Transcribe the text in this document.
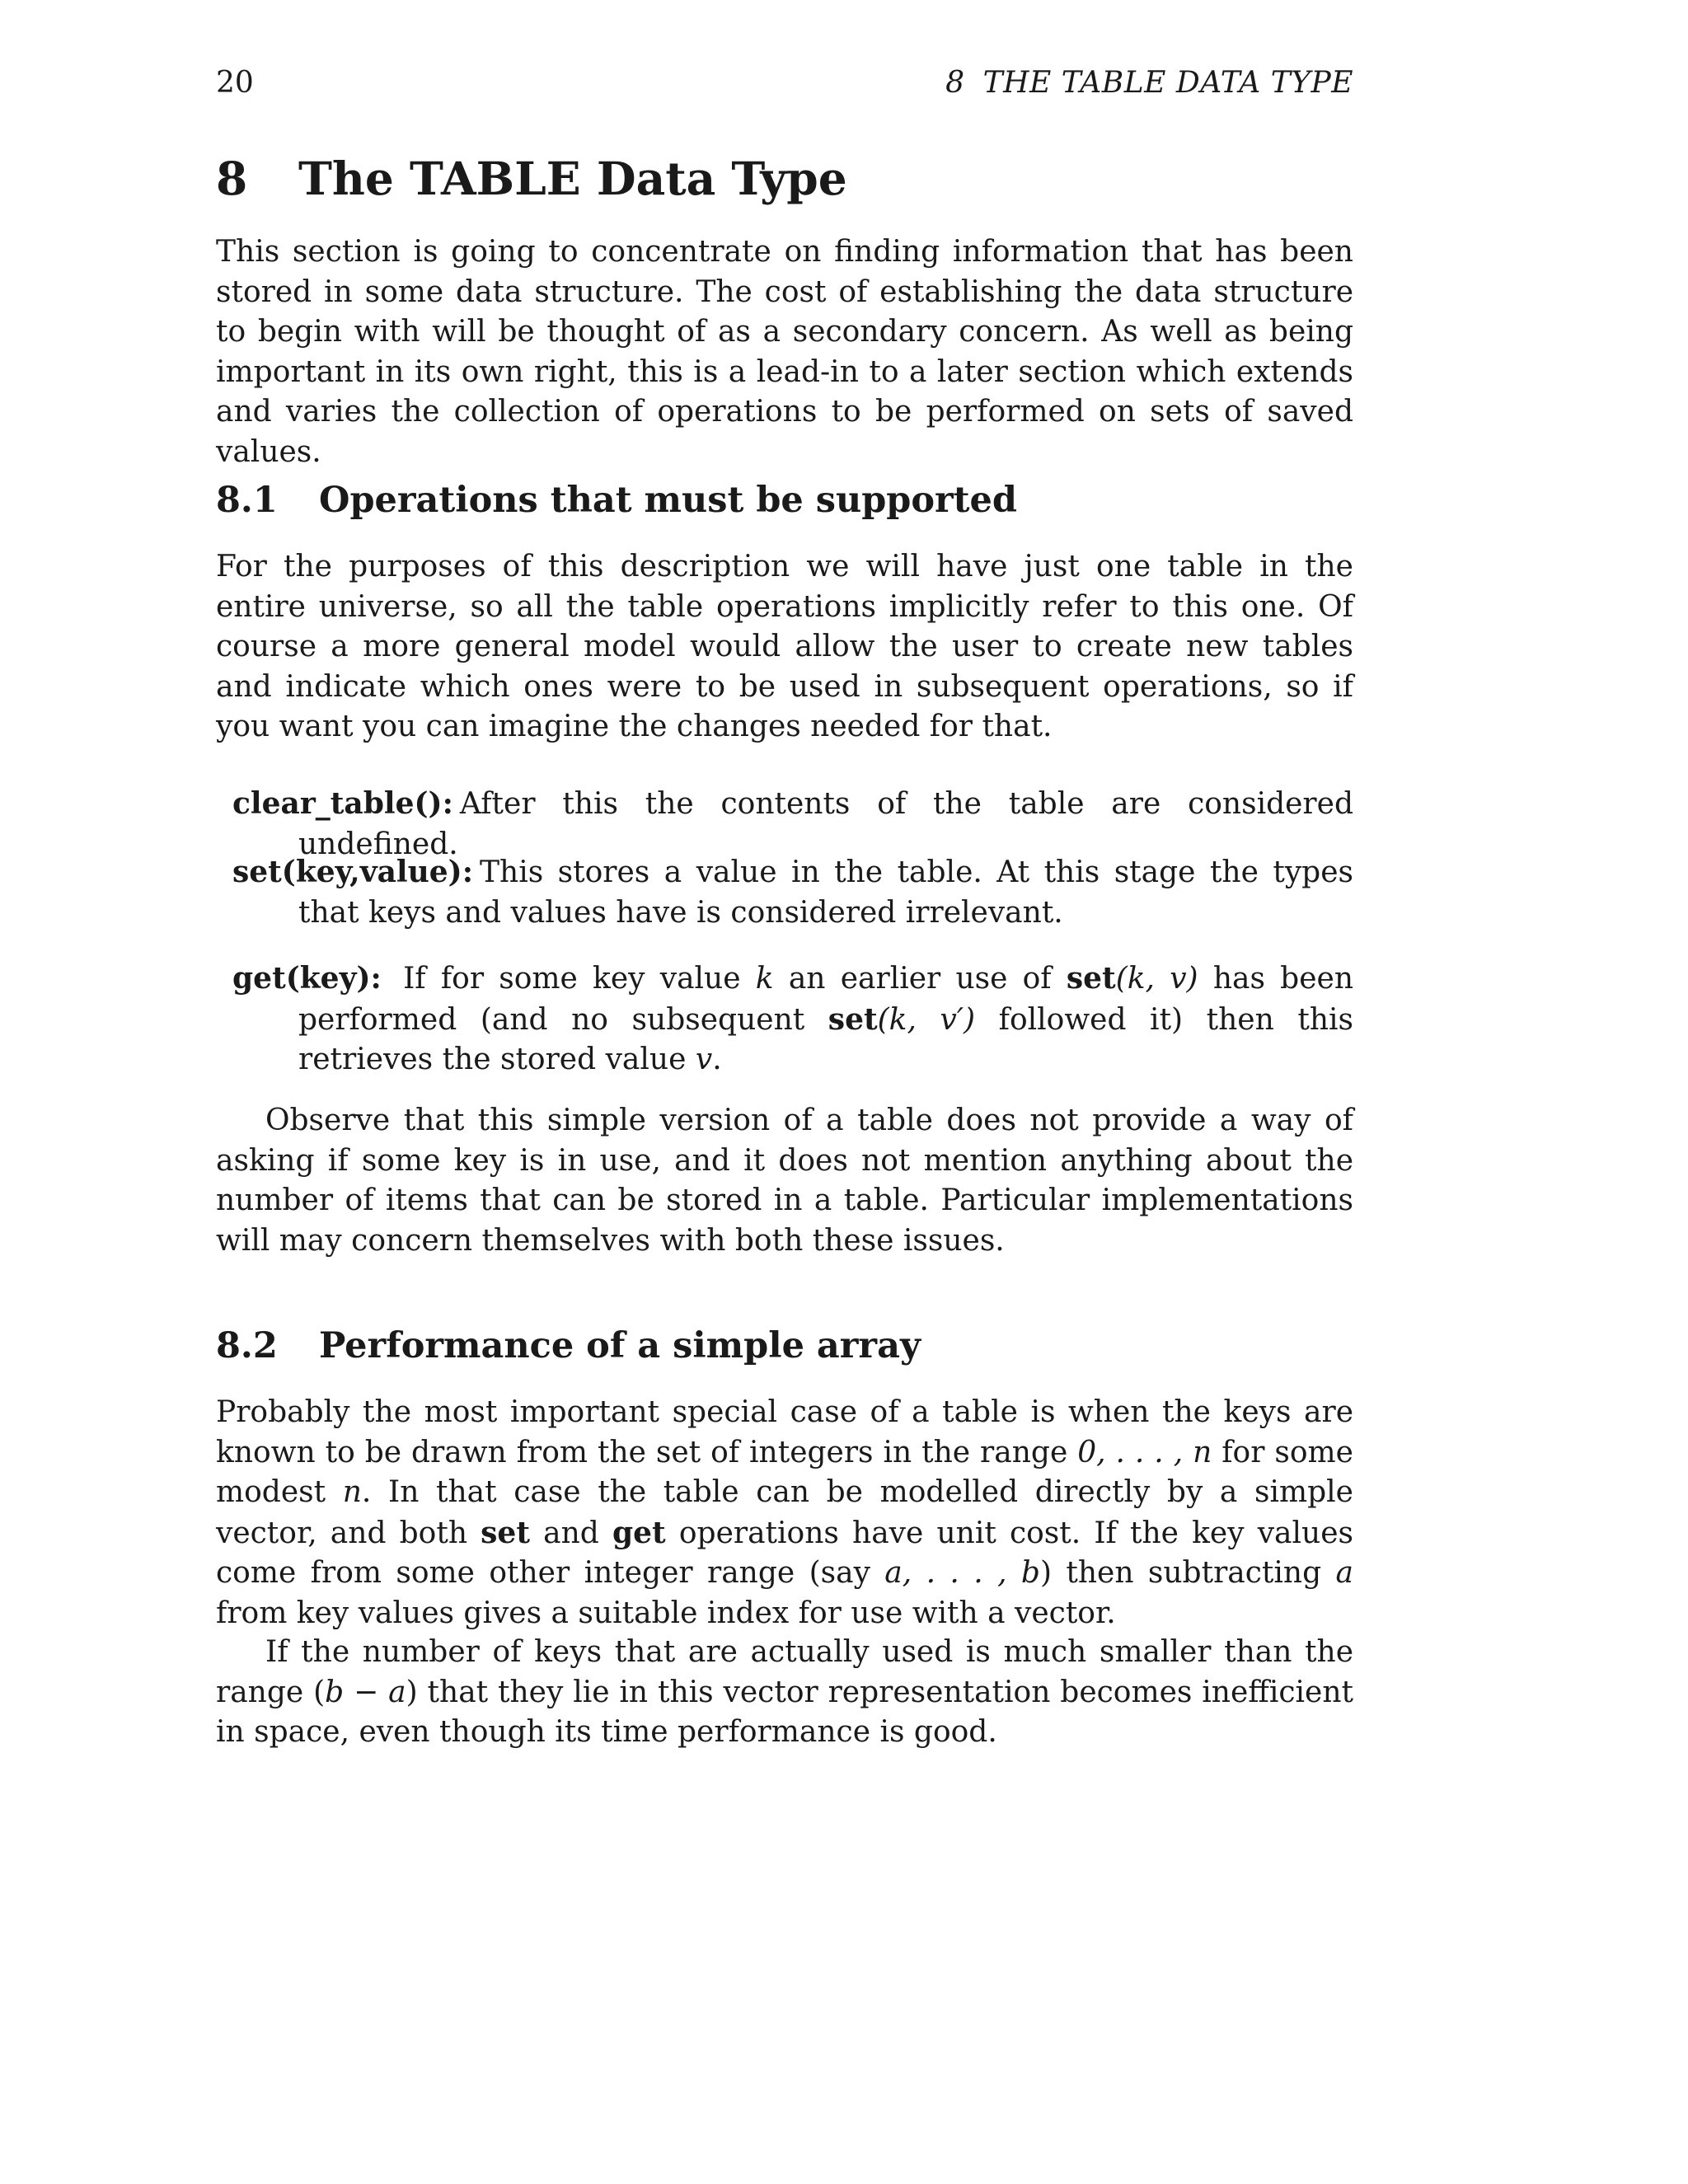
20	8 THE TABLE DATA TYPE
8 The TABLE Data Type

This section is going to concentrate on finding information that has been stored in some data structure. The cost of establishing the data structure to begin with will be thought of as a secondary concern. As well as being important in its own right, this is a lead-in to a later section which extends and varies the collection of operations to be performed on sets of saved values.

8.1 Operations that must be supported

For the purposes of this description we will have just one table in the entire universe, so all the table operations implicitly refer to this one. Of course a more general model would allow the user to create new tables and indicate which ones were to be used in subsequent operations, so if you want you can imagine the changes needed for that.

clear_table(): After this the contents of the table are considered undefined.

set(key,value): This stores a value in the table. At this stage the types that keys and values have is considered irrelevant.

get(key): If for some key value k an earlier use of set(k, v) has been performed (and no subsequent set(k, v′) followed it) then this retrieves the stored value v.

Observe that this simple version of a table does not provide a way of asking if some key is in use, and it does not mention anything about the number of items that can be stored in a table. Particular implementations will may concern themselves with both these issues.

8.2 Performance of a simple array

Probably the most important special case of a table is when the keys are known to be drawn from the set of integers in the range 0, . . . , n for some modest n. In that case the table can be modelled directly by a simple vector, and both set and get operations have unit cost. If the key values come from some other integer range (say a, . . . , b) then subtracting a from key values gives a suitable index for use with a vector.

If the number of keys that are actually used is much smaller than the range (b − a) that they lie in this vector representation becomes inefficient in space, even though its time performance is good.
